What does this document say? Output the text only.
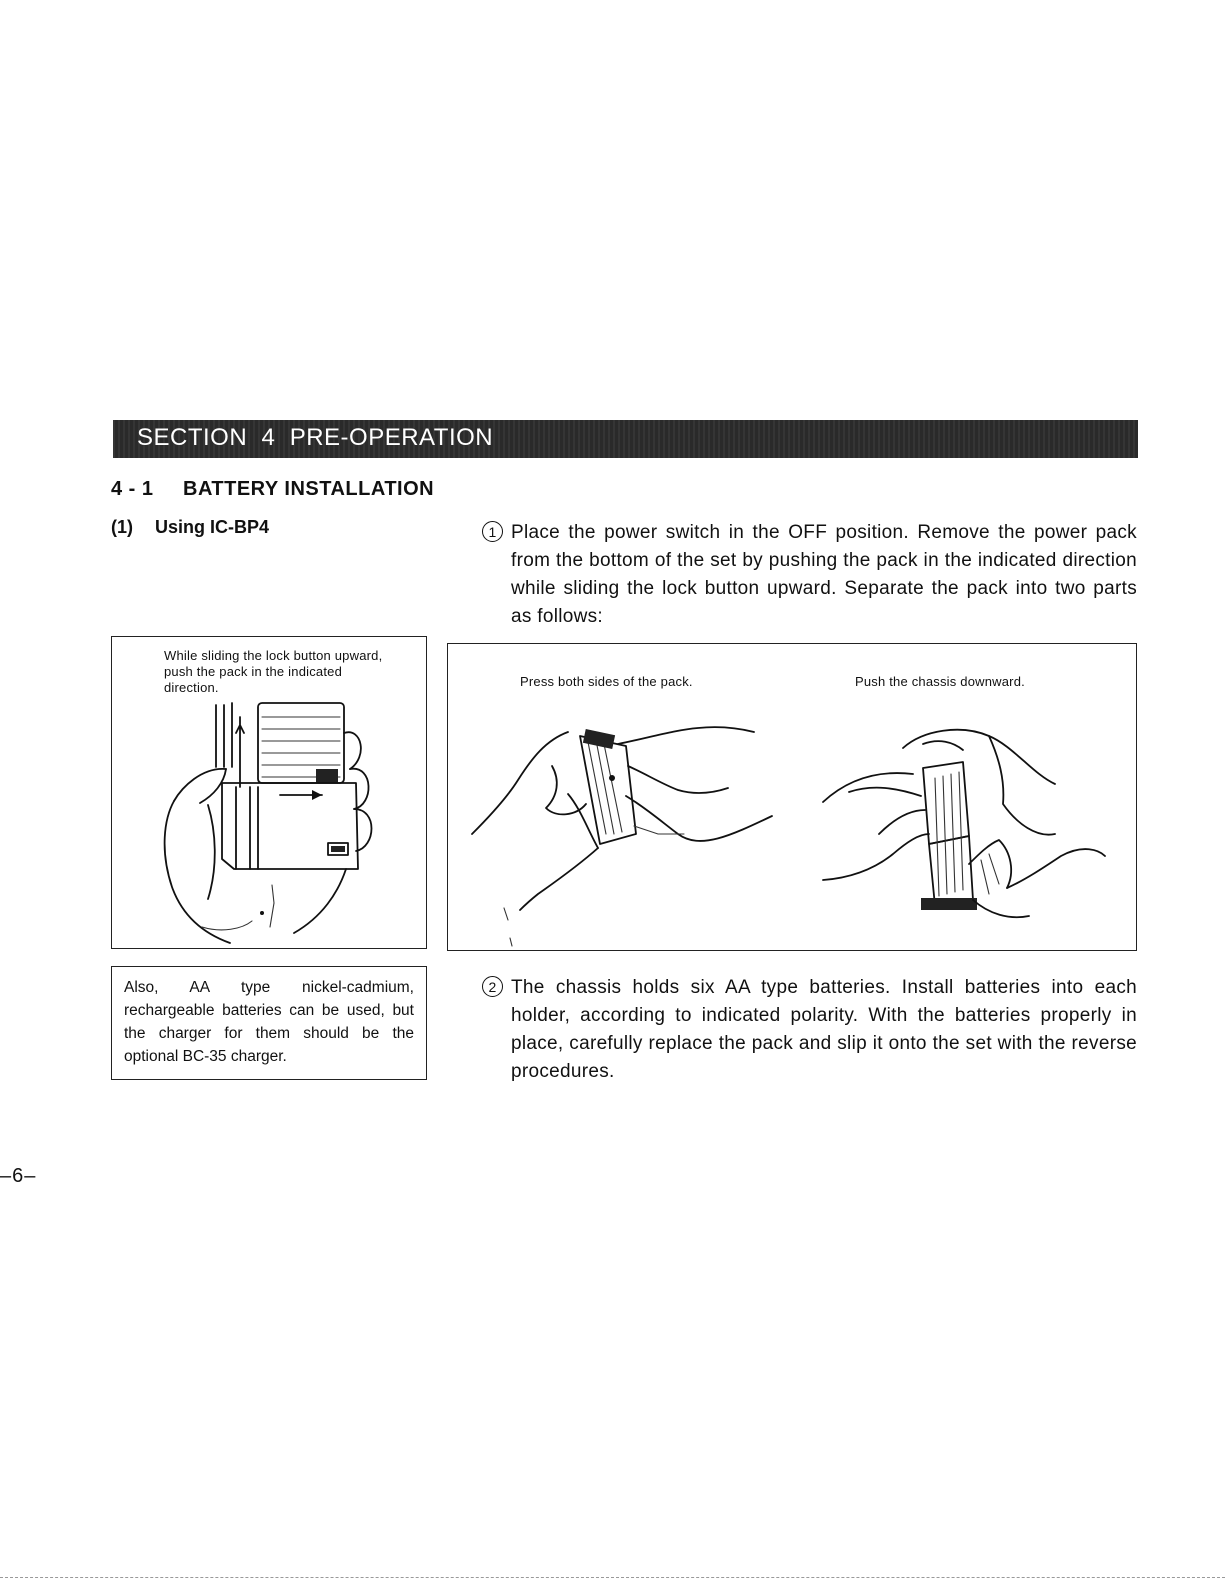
SECTION  4  PRE-OPERATION
4 - 1 BATTERY INSTALLATION
(1) Using IC-BP4	1 Place the power switch in the OFF position. Remove the power pack from the bottom of the set by pushing the pack in the indicated direction while sliding the lock button upward. Separate the pack into two parts as follows:
While sliding the lock button upward, push the pack in the indicated direction.	Press both sides of the pack.	Push the chassis downward.
Also, AA type nickel-cadmium, rechargeable batteries can be used, but the charger for them should be the optional BC-35 charger.
2 The chassis holds six AA type batteries. Install batteries into each holder, according to indicated polarity. With the batteries properly in place, carefully replace the pack and slip it onto the set with the reverse procedures.
–6–
